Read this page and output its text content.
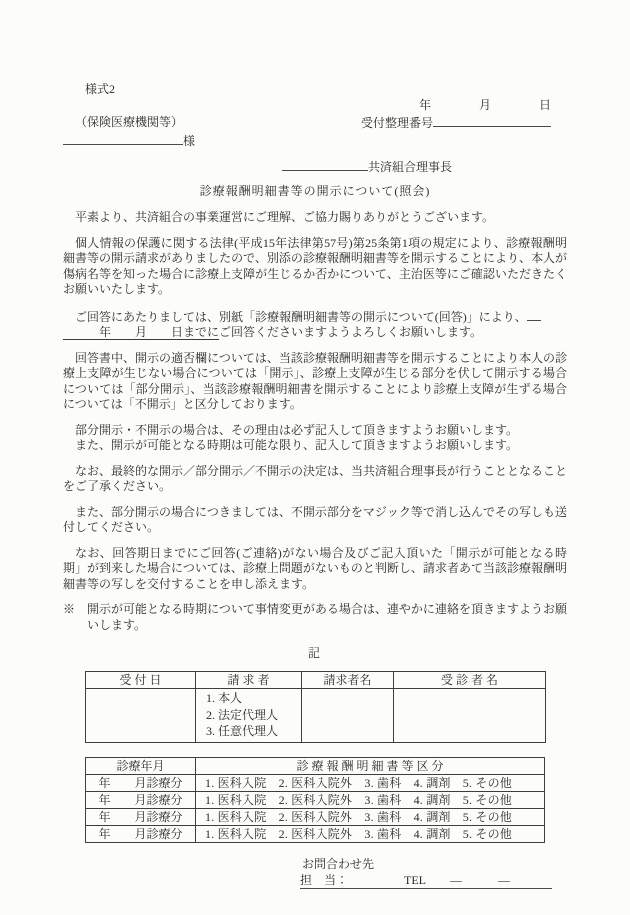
様式2
年　　　　月　　　　日
（保険医療機関等）	受付整理番号
様
共済組合理事長
診療報酬明細書等の開示について(照会)
平素より、共済組合の事業運営にご理解、ご協力賜りありがとうございます。
個人情報の保護に関する法律(平成15年法律第57号)第25条第1項の規定により、診療報酬明細書等の開示請求がありましたので、別添の診療報酬明細書等を開示することにより、本人が傷病名等を知った場合に診療上支障が生じるか否かについて、主治医等にご確認いただきたくお願いいたします。
ご回答にあたりましては、別紙「診療報酬明細書等の開示について(回答)」により、
　　　年　　月　　日までにご回答くださいますようよろしくお願いします。
回答書中、開示の適否欄については、当該診療報酬明細書等を開示することにより本人の診療上支障が生じない場合については「開示」、診療上支障が生じる部分を伏して開示する場合については「部分開示」、当該診療報酬明細書を開示することにより診療上支障が生ずる場合については「不開示」と区分しております。
部分開示・不開示の場合は、その理由は必ず記入して頂きますようお願いします。
また、開示が可能となる時期は可能な限り、記入して頂きますようお願いします。
なお、最終的な開示／部分開示／不開示の決定は、当共済組合理事長が行うこととなることをご了承ください。
また、部分開示の場合につきましては、不開示部分をマジック等で消し込んでその写しも送付してください。
なお、回答期日までにご回答(ご連絡)がない場合及びご記入頂いた「開示が可能となる時期」が到来した場合については、診療上問題がないものと判断し、請求者あて当該診療報酬明細書等の写しを交付することを申し添えます。
※　開示が可能となる時期について事情変更がある場合は、連やかに連絡を頂きますようお願いします。
記
受 付 日	請 求 者	請求者名	受 診 者 名

	1. 本人
2. 法定代理人
3. 任意代理人		

診療年月	診 療 報 酬 明 細 書 等 区 分
年　　月診療分	1. 医科入院　2. 医科入院外　3. 歯科　4. 調剤　5. その他
年　　月診療分	1. 医科入院　2. 医科入院外　3. 歯科　4. 調剤　5. その他
年　　月診療分	1. 医科入院　2. 医科入院外　3. 歯科　4. 調剤　5. その他
年　　月診療分	1. 医科入院　2. 医科入院外　3. 歯科　4. 調剤　5. その他
お問合わせ先
担　当：	TEL ―	―
